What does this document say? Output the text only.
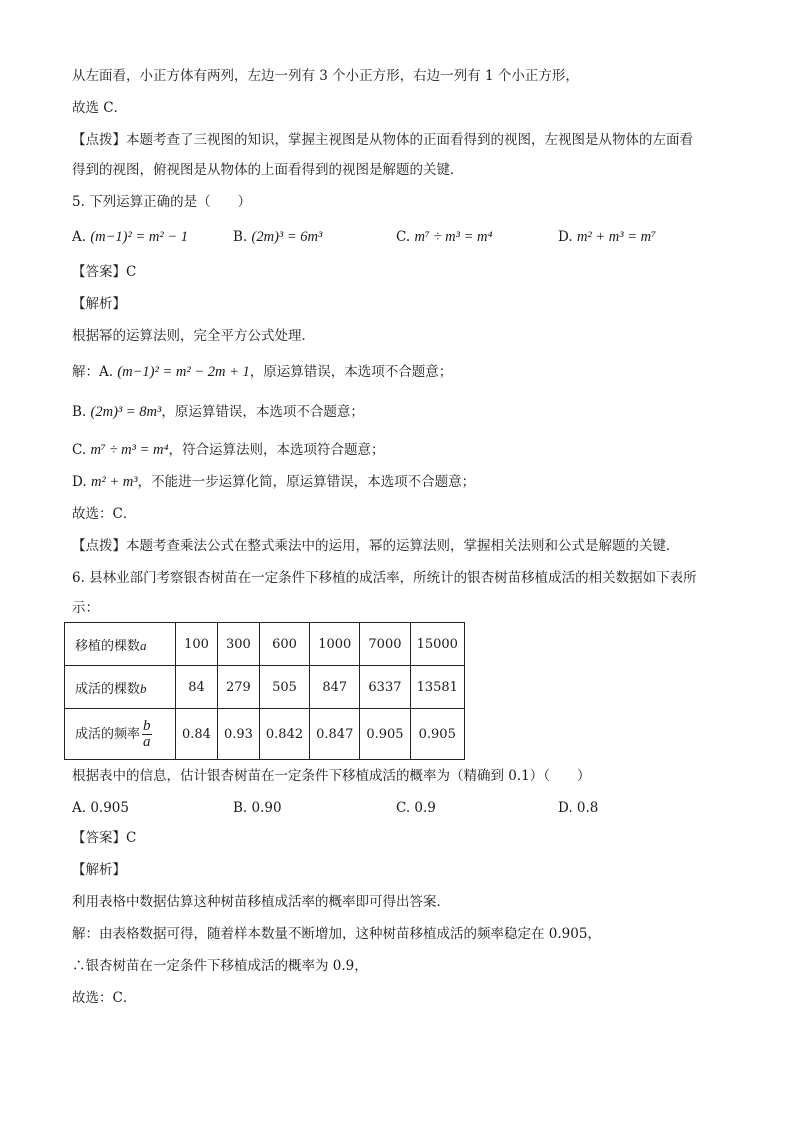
从左面看，小正方体有两列，左边一列有 3 个小正方形，右边一列有 1 个小正方形，
故选 C．
【点拨】本题考查了三视图的知识，掌握主视图是从物体的正面看得到的视图，左视图是从物体的左面看
得到的视图，俯视图是从物体的上面看得到的视图是解题的关键．
5. 下列运算正确的是（　　）
A. (m−1)² = m² − 1	B. (2m)³ = 6m³	C. m⁷ ÷ m³ = m⁴	D. m² + m³ = m⁷
【答案】C
【解析】
根据幂的运算法则，完全平方公式处理．
解：A. (m−1)² = m² − 2m + 1，原运算错误，本选项不合题意；
B. (2m)³ = 8m³，原运算错误，本选项不合题意；
C. m⁷ ÷ m³ = m⁴，符合运算法则，本选项符合题意；
D. m² + m³，不能进一步运算化简，原运算错误，本选项不合题意；
故选：C．
【点拨】本题考查乘法公式在整式乘法中的运用，幂的运算法则，掌握相关法则和公式是解题的关键．
6. 县林业部门考察银杏树苗在一定条件下移植的成活率，所统计的银杏树苗移植成活的相关数据如下表所
示：
移植的棵数a	100	300	600	1000	7000	15000
成活的棵数b	84	279	505	847	6337	13581
成活的频率 $\frac{b}{a}$	0.84	0.93	0.842	0.847	0.905	0.905
根据表中的信息，估计银杏树苗在一定条件下移植成活的概率为（精确到 0.1）（　　）
A. 0.905	B. 0.90	C. 0.9	D. 0.8
【答案】C
【解析】
利用表格中数据估算这种树苗移植成活率的概率即可得出答案．
解：由表格数据可得，随着样本数量不断增加，这种树苗移植成活的频率稳定在 0.905，
∴银杏树苗在一定条件下移植成活的概率为 0.9，
故选：C．
